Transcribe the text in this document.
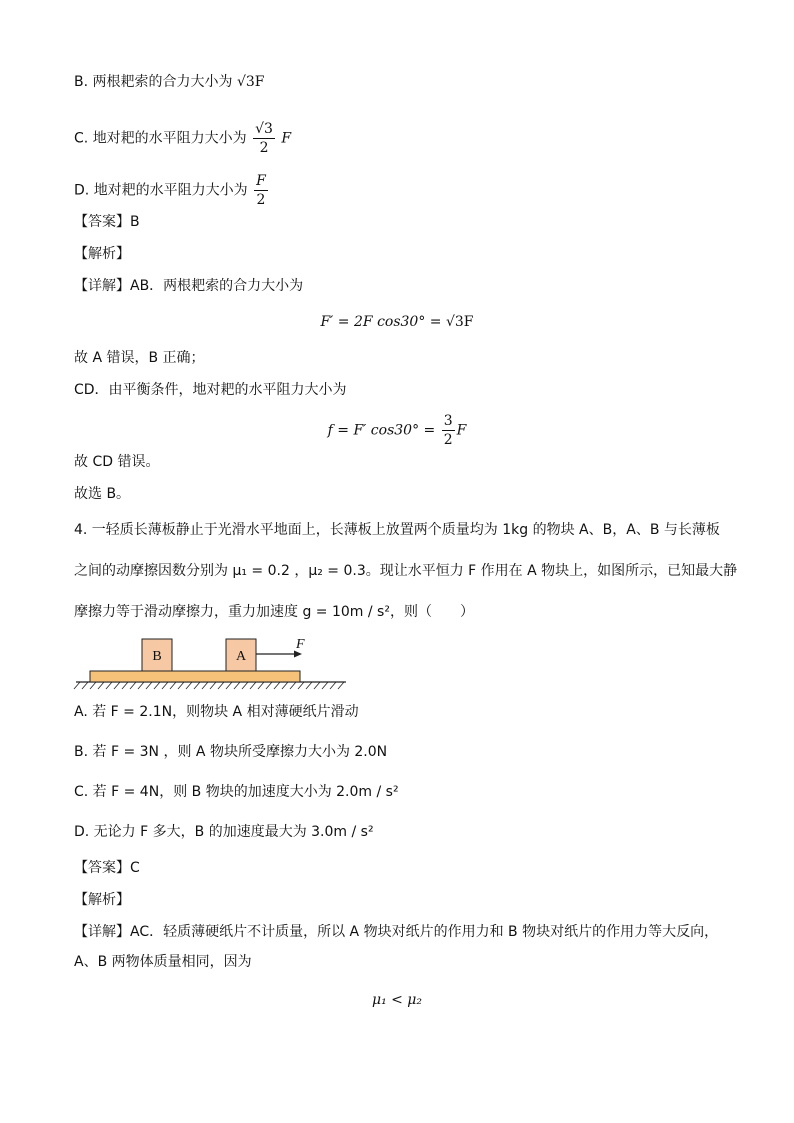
B. 两根耙索的合力大小为 √3F
C. 地对耙的水平阻力大小为 $\frac{√3}{2}$ F
D. 地对耙的水平阻力大小为 $\frac{F}{2}$
【答案】B
【解析】
【详解】AB．两根耙索的合力大小为
F′ = 2F cos30° = √3F
故 A 错误，B 正确；
CD．由平衡条件，地对耙的水平阻力大小为
f = F′ $\cos 30^\circ = \frac{3}{2}$ F
故 CD 错误。
故选 B。
4. 一轻质长薄板静止于光滑水平地面上，长薄板上放置两个质量均为 1kg 的物块 A、B，A、B 与长薄板
之间的动摩擦因数分别为 μ₁ = 0.2 ，μ₂ = 0.3。现让水平恒力 F 作用在 A 物块上，如图所示，已知最大静
摩擦力等于滑动摩擦力，重力加速度 g = 10m / s²，则（　　）
B	A
F
A. 若 F = 2.1N，则物块 A 相对薄硬纸片滑动
B. 若 F = 3N ，则 A 物块所受摩擦力大小为 2.0N
C. 若 F = 4N，则 B 物块的加速度大小为 2.0m / s²
D. 无论力 F 多大，B 的加速度最大为 3.0m / s²
【答案】C
【解析】
【详解】AC．轻质薄硬纸片不计质量，所以 A 物块对纸片的作用力和 B 物块对纸片的作用力等大反向，
A、B 两物体质量相同，因为
μ₁ < μ₂
